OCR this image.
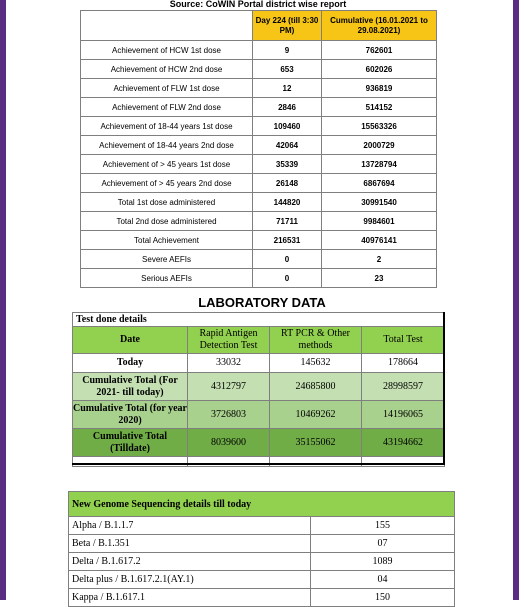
Source: CoWIN Portal district wise report
	Day 224 (till 3:30 PM)	Cumulative (16.01.2021 to 29.08.2021)
Achievement of HCW 1st dose	9	762601
Achievement of HCW 2nd dose	653	602026
Achievement of FLW 1st dose	12	936819
Achievement of FLW 2nd dose	2846	514152
Achievement of 18-44 years 1st dose	109460	15563326
Achievement of 18-44 years 2nd dose	42064	2000729
Achievement of > 45 years 1st dose	35339	13728794
Achievement of > 45 years 2nd dose	26148	6867694
Total 1st dose administered	144820	30991540
Total 2nd dose administered	71711	9984601
Total Achievement	216531	40976141
Severe AEFIs	0	2
Serious AEFIs	0	23
LABORATORY DATA
Test done details			
Date	Rapid Antigen Detection Test	RT PCR & Other methods	Total Test
Today	33032	145632	178664
Cumulative Total (For 2021- till today)	4312797	24685800	28998597
Cumulative Total (for year 2020)	3726803	10469262	14196065
Cumulative Total (Tilldate)	8039600	35155062	43194662

New Genome Sequencing details till today	
Alpha / B.1.1.7	155
Beta / B.1.351	07
Delta / B.1.617.2	1089
Delta plus / B.1.617.2.1(AY.1)	04
Kappa / B.1.617.1	150
